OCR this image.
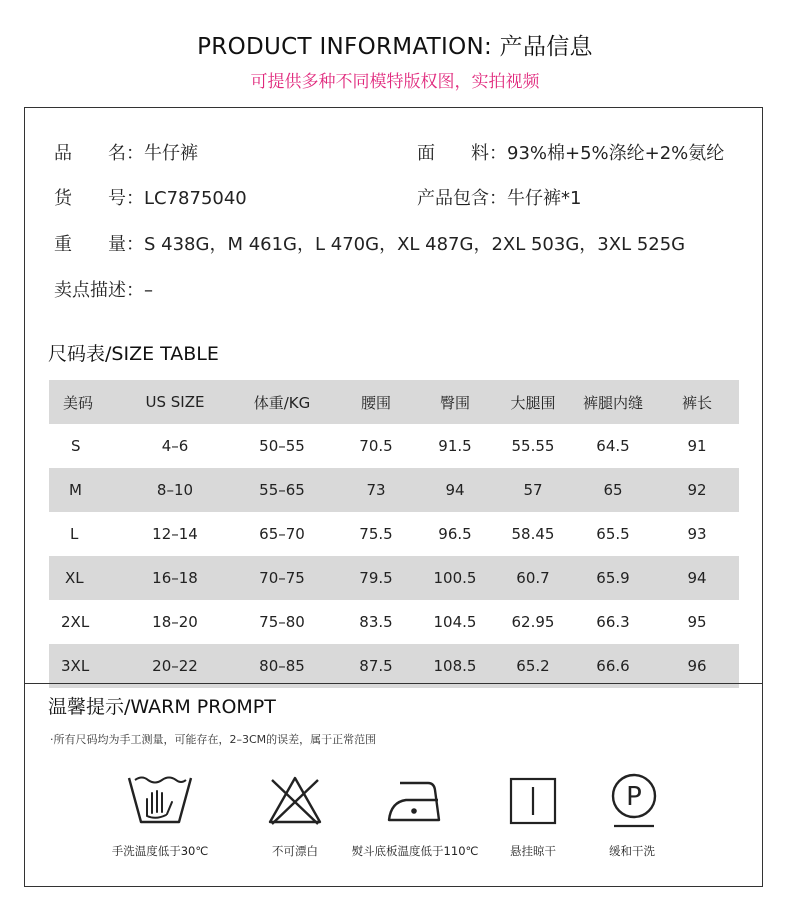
PRODUCT INFORMATION: 产品信息
可提供多种不同模特版权图，实拍视频
品　　名：牛仔裤	面　　料：93%棉+5%涤纶+2%氨纶
货　　号：LC7875040	产品包含：牛仔裤*1
重　　量：S 438G，M 461G，L 470G，XL 487G，2XL 503G，3XL 525G
卖点描述：–
尺码表/SIZE TABLE
美码	US SIZE	体重/KG	腰围	臀围	大腿围	裤腿内缝	裤长
S	4–6	50–55	70.5	91.5	55.55	64.5	91
M	8–10	55–65	73	94	57	65	92
L	12–14	65–70	75.5	96.5	58.45	65.5	93
XL	16–18	70–75	79.5	100.5	60.7	65.9	94
2XL	18–20	75–80	83.5	104.5	62.95	66.3	95
3XL	20–22	80–85	87.5	108.5	65.2	66.6	96
温馨提示/WARM PROMPT
·所有尺码均为手工测量，可能存在，2–3CM的误差，属于正常范围
手洗温度低于30℃	不可漂白	熨斗底板温度低于110℃	悬挂晾干
P
缓和干洗
